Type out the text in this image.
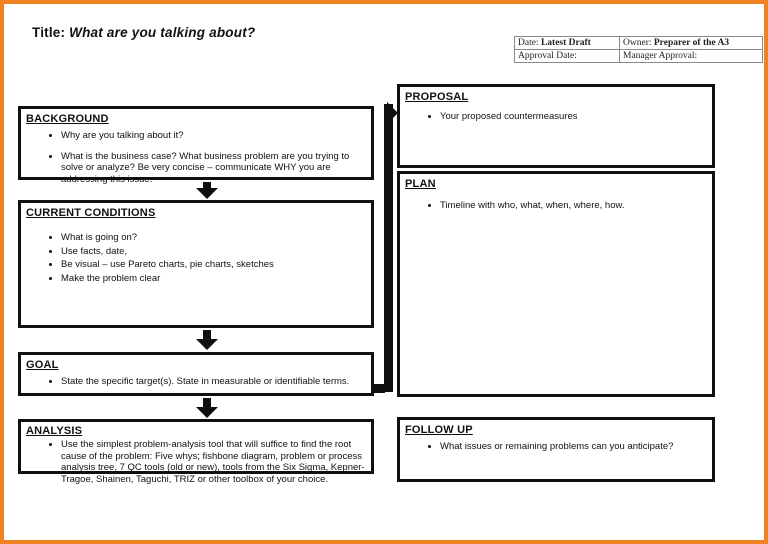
Title: What are you talking about?
Date: Latest Draft	Owner: Preparer of the A3
Approval Date:	Manager Approval:
BACKGROUND
• Why are you talking about it?
• What is the business case? What business problem are you trying to solve or analyze? Be very concise – communicate WHY you are addressing this issue.
CURRENT CONDITIONS
• What is going on?
• Use facts, date,
• Be visual – use Pareto charts, pie charts, sketches
• Make the problem clear
GOAL
• State the specific target(s). State in measurable or identifiable terms.
ANALYSIS
• Use the simplest problem-analysis tool that will suffice to find the root cause of the problem: Five whys; fishbone diagram, problem or process analysis tree, 7 QC tools (old or new), tools from the Six Sigma, Kepner-Tragoe, Shainen, Taguchi, TRIZ or other toolbox of your choice.
PROPOSAL
• Your proposed countermeasures
PLAN
• Timeline with who, what, when, where, how.
FOLLOW UP
• What issues or remaining problems can you anticipate?
